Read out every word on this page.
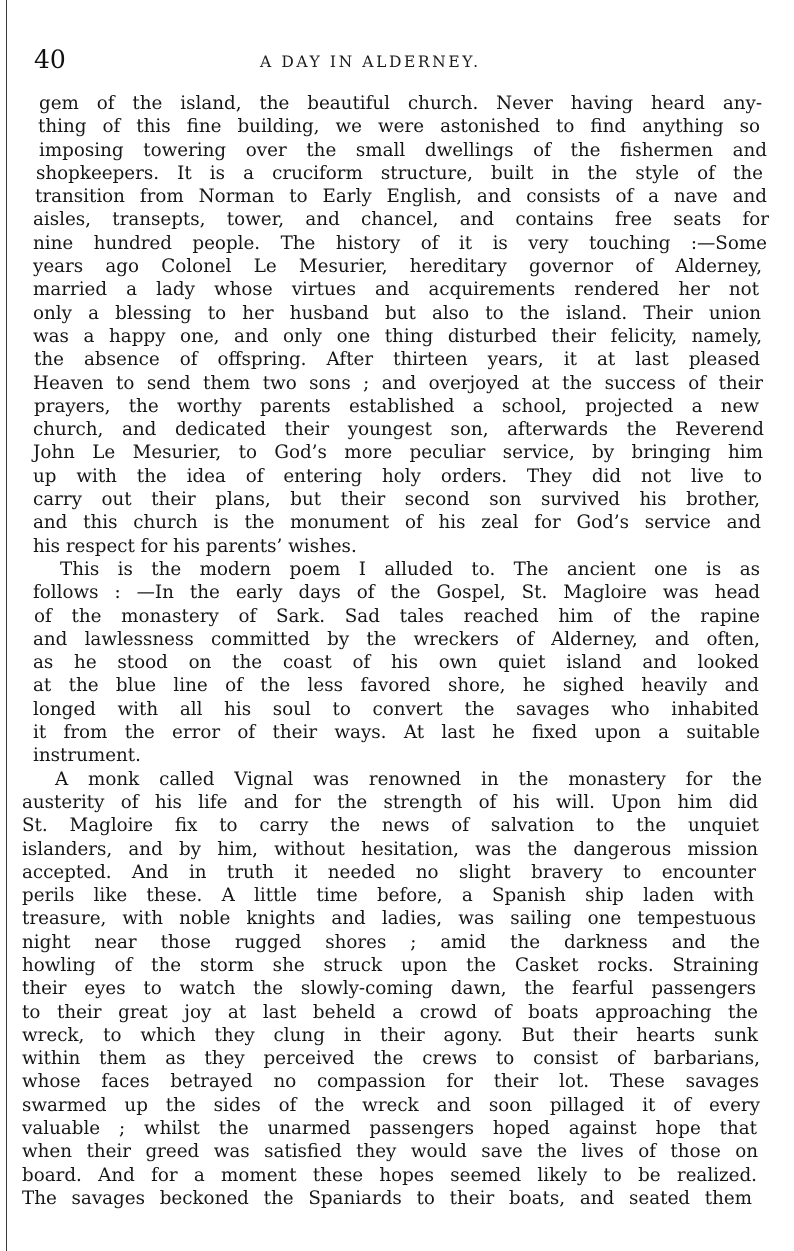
40	A DAY IN ALDERNEY.
gem of the island, the beautiful church. Never having heard any-
thing of this fine building, we were astonished to find anything so
imposing towering over the small dwellings of the fishermen and
shopkeepers. It is a cruciform structure, built in the style of the
transition from Norman to Early English, and consists of a nave and
aisles, transepts, tower, and chancel, and contains free seats for
nine hundred people. The history of it is very touching :—Some
years ago Colonel Le Mesurier, hereditary governor of Alderney,
married a lady whose virtues and acquirements rendered her not
only a blessing to her husband but also to the island. Their union
was a happy one, and only one thing disturbed their felicity, namely,
the absence of offspring. After thirteen years, it at last pleased
Heaven to send them two sons ; and overjoyed at the success of their
prayers, the worthy parents established a school, projected a new
church, and dedicated their youngest son, afterwards the Reverend
John Le Mesurier, to God’s more peculiar service, by bringing him
up with the idea of entering holy orders. They did not live to
carry out their plans, but their second son survived his brother,
and this church is the monument of his zeal for God’s service and
his respect for his parents’ wishes.
This is the modern poem I alluded to. The ancient one is as
follows : —In the early days of the Gospel, St. Magloire was head
of the monastery of Sark. Sad tales reached him of the rapine
and lawlessness committed by the wreckers of Alderney, and often,
as he stood on the coast of his own quiet island and looked
at the blue line of the less favored shore, he sighed heavily and
longed with all his soul to convert the savages who inhabited
it from the error of their ways. At last he fixed upon a suitable
instrument.
A monk called Vignal was renowned in the monastery for the
austerity of his life and for the strength of his will. Upon him did
St. Magloire fix to carry the news of salvation to the unquiet
islanders, and by him, without hesitation, was the dangerous mission
accepted. And in truth it needed no slight bravery to encounter
perils like these. A little time before, a Spanish ship laden with
treasure, with noble knights and ladies, was sailing one tempestuous
night near those rugged shores ; amid the darkness and the
howling of the storm she struck upon the Casket rocks. Straining
their eyes to watch the slowly-coming dawn, the fearful passengers
to their great joy at last beheld a crowd of boats approaching the
wreck, to which they clung in their agony. But their hearts sunk
within them as they perceived the crews to consist of barbarians,
whose faces betrayed no compassion for their lot. These savages
swarmed up the sides of the wreck and soon pillaged it of every
valuable ; whilst the unarmed passengers hoped against hope that
when their greed was satisfied they would save the lives of those on
board. And for a moment these hopes seemed likely to be realized.
The savages beckoned the Spaniards to their boats, and seated them
